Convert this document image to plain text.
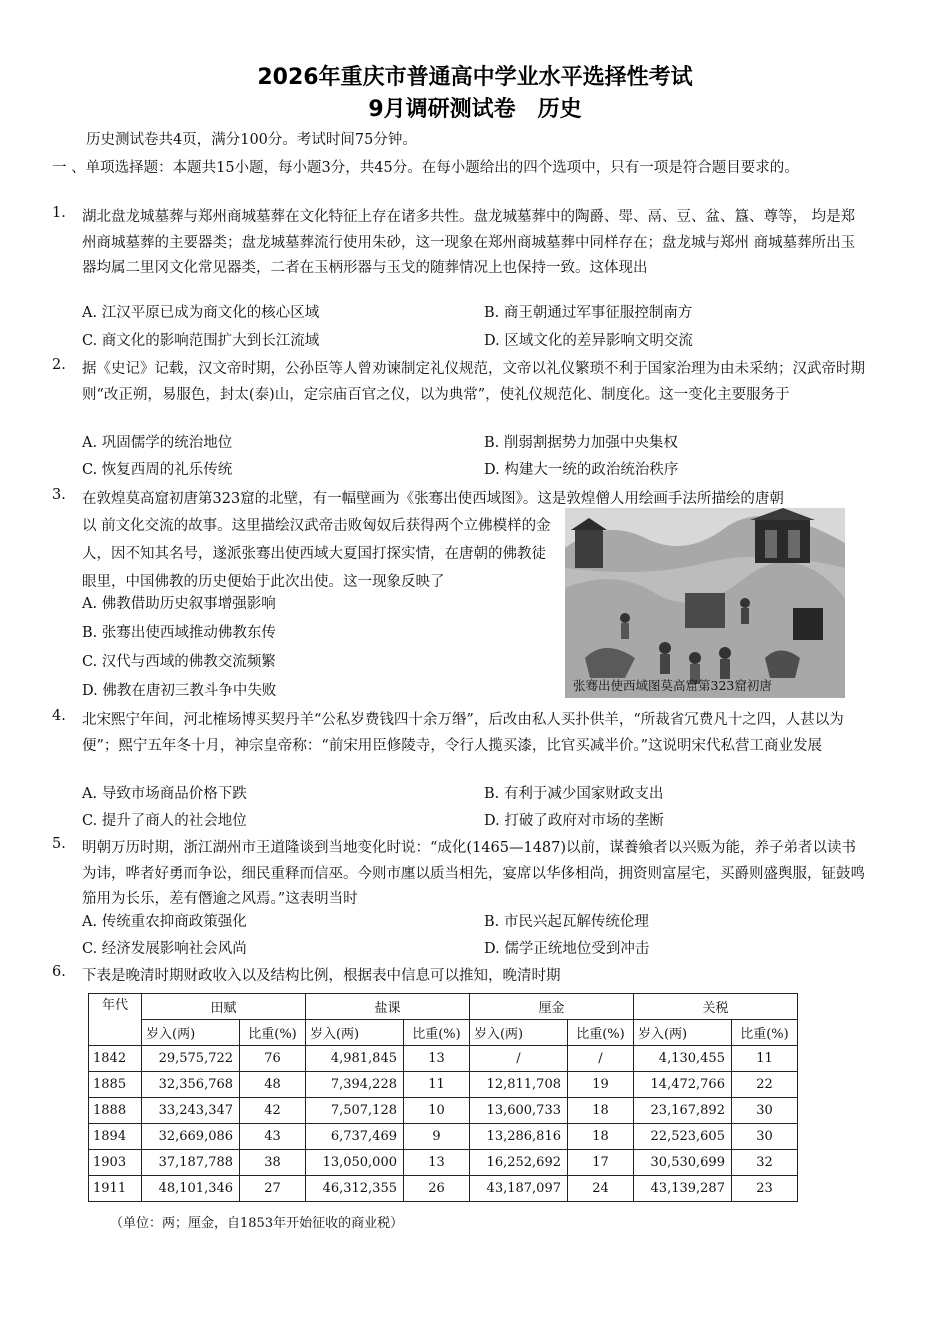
2026年重庆市普通高中学业水平选择性考试
9月调研测试卷　历史
历史测试卷共4页，满分100分。考试时间75分钟。
一 、单项选择题：本题共15小题，每小题3分，共45分。在每小题给出的四个选项中，只有一项是符合题目要求的。
1.	湖北盘龙城墓葬与郑州商城墓葬在文化特征上存在诸多共性。盘龙城墓葬中的陶爵、斝、鬲、豆、盆、簋、尊等， 均是郑州商城墓葬的主要器类；盘龙城墓葬流行使用朱砂，这一现象在郑州商城墓葬中同样存在；盘龙城与郑州 商城墓葬所出玉器均属二里冈文化常见器类，二者在玉柄形器与玉戈的随葬情况上也保持一致。这体现出
A. 江汉平原已成为商文化的核心区域	B. 商王朝通过军事征服控制南方
C. 商文化的影响范围扩大到长江流域	D. 区域文化的差异影响文明交流
2.	据《史记》记载，汉文帝时期，公孙臣等人曾劝谏制定礼仪规范，文帝以礼仪繁琐不利于国家治理为由未采纳；汉武帝时期则“改正朔，易服色，封太(泰)山，定宗庙百官之仪，以为典常”，使礼仪规范化、制度化。这一变化主要服务于
A. 巩固儒学的统治地位	B. 削弱割据势力加强中央集权
C. 恢复西周的礼乐传统	D. 构建大一统的政治统治秩序
3.	在敦煌莫高窟初唐第323窟的北壁，有一幅壁画为《张骞出使西域图》。这是敦煌僧人用绘画手法所描绘的唐朝
以 前文化交流的故事。这里描绘汉武帝击败匈奴后获得两个立佛模样的金人，因不知其名号，遂派张骞出使西域大夏国打探实情，在唐朝的佛教徒眼里，中国佛教的历史便始于此次出使。这一现象反映了
A. 佛教借助历史叙事增强影响
B. 张骞出使西域推动佛教东传
C. 汉代与西域的佛教交流频繁
D. 佛教在唐初三教斗争中失败	张骞出使西域图莫高窟第323窟初唐
4.	北宋熙宁年间，河北榷场博买契丹羊“公私岁费钱四十余万缗”，后改由私人买扑供羊，“所裁省冗费凡十之四，人甚以为便”；熙宁五年冬十月，神宗皇帝称：“前宋用臣修陵寺，令行人揽买漆，比官买减半价。”这说明宋代私营工商业发展
A. 导致市场商品价格下跌	B. 有利于减少国家财政支出
C. 提升了商人的社会地位	D. 打破了政府对市场的垄断
5.	明朝万历时期，浙江湖州市王道隆谈到当地变化时说：“成化(1465—1487)以前，谋養飨者以兴贩为能，养子弟者以读书为讳，哗者好勇而争讼，细民重释而信巫。今则市廛以质当相先，宴席以华侈相尚，拥资则富屋宅，买爵则盛舆服，钲鼓鸣笳用为长乐，差有僭逾之风焉。”这表明当时
A. 传统重农抑商政策强化	B. 市民兴起瓦解传统伦理
C. 经济发展影响社会风尚	D. 儒学正统地位受到冲击
6.	下表是晚清时期财政收入以及结构比例，根据表中信息可以推知，晚清时期
年代	田赋		盐课		厘金		关税	
	岁入(两)	比重(%)	岁入(两)	比重(%)	岁入(两)	比重(%)	岁入(两)	比重(%)
1842	29,575,722	76	4,981,845	13	/	/	4,130,455	11
1885	32,356,768	48	7,394,228	11	12,811,708	19	14,472,766	22
1888	33,243,347	42	7,507,128	10	13,600,733	18	23,167,892	30
1894	32,669,086	43	6,737,469	9	13,286,816	18	22,523,605	30
1903	37,187,788	38	13,050,000	13	16,252,692	17	30,530,699	32
1911	48,101,346	27	46,312,355	26	43,187,097	24	43,139,287	23
（单位：两；厘金，自1853年开始征收的商业税）
